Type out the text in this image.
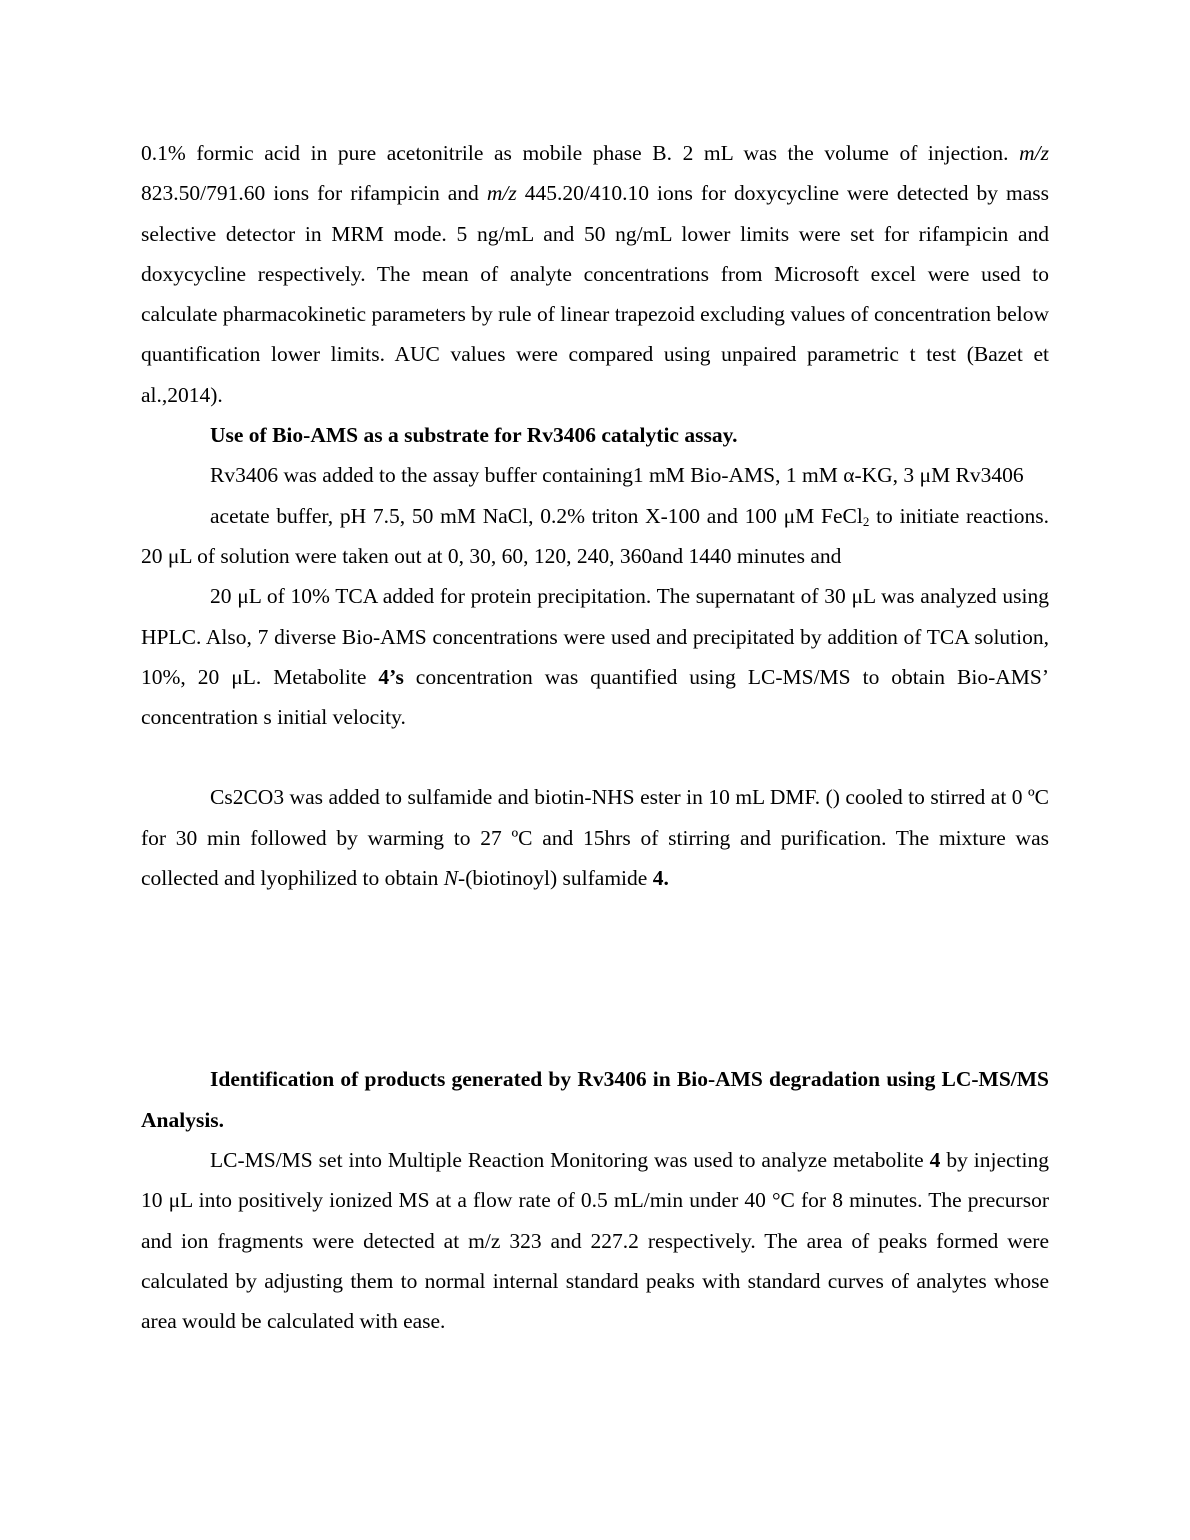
0.1% formic acid in pure acetonitrile as mobile phase B. 2 mL was the volume of injection. m/z 823.50/791.60 ions for rifampicin and m/z 445.20/410.10 ions for doxycycline were detected by mass selective detector in MRM mode. 5 ng/mL and 50 ng/mL lower limits were set for rifampicin and doxycycline respectively. The mean of analyte concentrations from Microsoft excel were used to calculate pharmacokinetic parameters by rule of linear trapezoid excluding values of concentration below quantification lower limits. AUC values were compared using unpaired parametric t test (Bazet et al.,2014).

Use of Bio-AMS as a substrate for Rv3406 catalytic assay.

Rv3406 was added to the assay buffer containing1 mM Bio-AMS, 1 mM α-KG, 3 μM Rv3406

acetate buffer, pH 7.5, 50 mM NaCl, 0.2% triton X-100 and 100 μM FeCl$_2$ to initiate reactions. 20 μL of solution were taken out at 0, 30, 60, 120, 240, 360and 1440 minutes and

20 μL of 10% TCA added for protein precipitation. The supernatant of 30 μL was analyzed using HPLC. Also, 7 diverse Bio-AMS concentrations were used and precipitated by addition of TCA solution, 10%, 20 μL. Metabolite 4’s concentration was quantified using LC-MS/MS to obtain Bio-AMS’ concentration s initial velocity.

Cs2CO3 was added to sulfamide and biotin-NHS ester in 10 mL DMF. () cooled to stirred at 0 ºC for 30 min followed by warming to 27 ºC and 15hrs of stirring and purification. The mixture was collected and lyophilized to obtain N-(biotinoyl) sulfamide 4.

Identification of products generated by Rv3406 in Bio-AMS degradation using LC-MS/MS Analysis.

LC-MS/MS set into Multiple Reaction Monitoring was used to analyze metabolite 4 by injecting 10 μL into positively ionized MS at a flow rate of 0.5 mL/min under 40 °C for 8 minutes. The precursor and ion fragments were detected at m/z 323 and 227.2 respectively. The area of peaks formed were calculated by adjusting them to normal internal standard peaks with standard curves of analytes whose area would be calculated with ease.
